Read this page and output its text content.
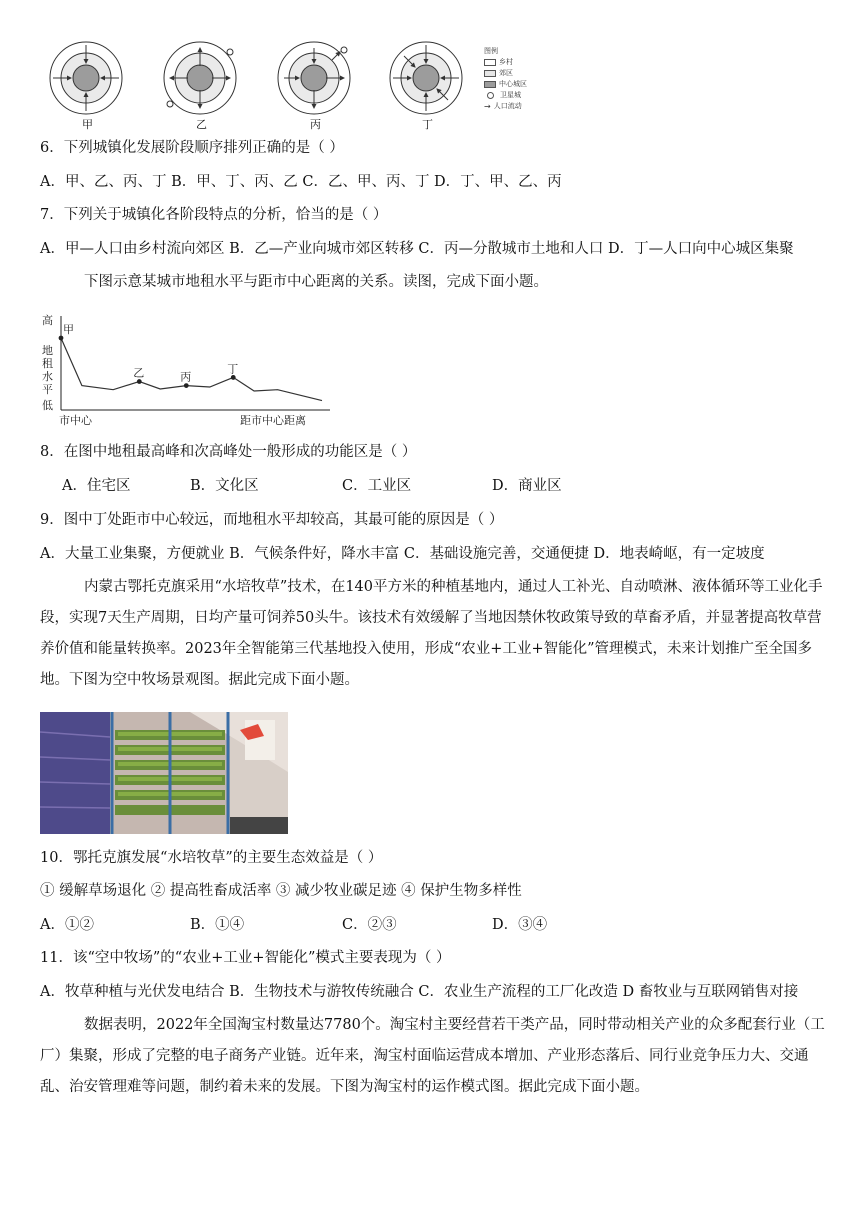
甲	乙	丙	丁
图例
乡村
郊区
中心城区
卫星城
→ 人口流动
6．下列城镇化发展阶段顺序排列正确的是（ ）
A．甲、乙、丙、丁 B．甲、丁、丙、乙 C．乙、甲、丙、丁 D．丁、甲、乙、丙
7．下列关于城镇化各阶段特点的分析，恰当的是（ ）
A．甲—人口由乡村流向郊区 B．乙—产业向城市郊区转移 C．丙—分散城市土地和人口 D．丁—人口向中心城区集聚
下图示意某城市地租水平与距市中心距离的关系。读图，完成下面小题。
高
低
市中心	距市中心距离
地
租
水
平
甲
乙	丙
丁
8．在图中地租最高峰和次高峰处一般形成的功能区是（ ）
A．住宅区	B．文化区	C．工业区	D．商业区
9．图中丁处距市中心较远，而地租水平却较高，其最可能的原因是（ ）
A．大量工业集聚，方便就业 B．气候条件好，降水丰富 C．基础设施完善，交通便捷 D．地表崎岖，有一定坡度
内蒙古鄂托克旗采用“水培牧草”技术，在140平方米的种植基地内，通过人工补光、自动喷淋、液体循环等工业化手段，实现7天生产周期，日均产量可饲养50头牛。该技术有效缓解了当地因禁休牧政策导致的草畜矛盾，并显著提高牧草营养价值和能量转换率。2023年全智能第三代基地投入使用，形成“农业+工业+智能化”管理模式，未来计划推广至全国多地。下图为空中牧场景观图。据此完成下面小题。
10．鄂托克旗发展“水培牧草”的主要生态效益是（ ）
① 缓解草场退化 ② 提高牲畜成活率 ③ 减少牧业碳足迹 ④ 保护生物多样性
A．①②	B．①④	C．②③	D．③④
11．该“空中牧场”的“农业+工业+智能化”模式主要表现为（ ）
A．牧草种植与光伏发电结合 B．生物技术与游牧传统融合 C．农业生产流程的工厂化改造 D 畜牧业与互联网销售对接
数据表明，2022年全国淘宝村数量达7780个。淘宝村主要经营若干类产品，同时带动相关产业的众多配套行业（工厂）集聚，形成了完整的电子商务产业链。近年来，淘宝村面临运营成本增加、产业形态落后、同行业竞争压力大、交通乱、治安管理难等问题，制约着未来的发展。下图为淘宝村的运作模式图。据此完成下面小题。
